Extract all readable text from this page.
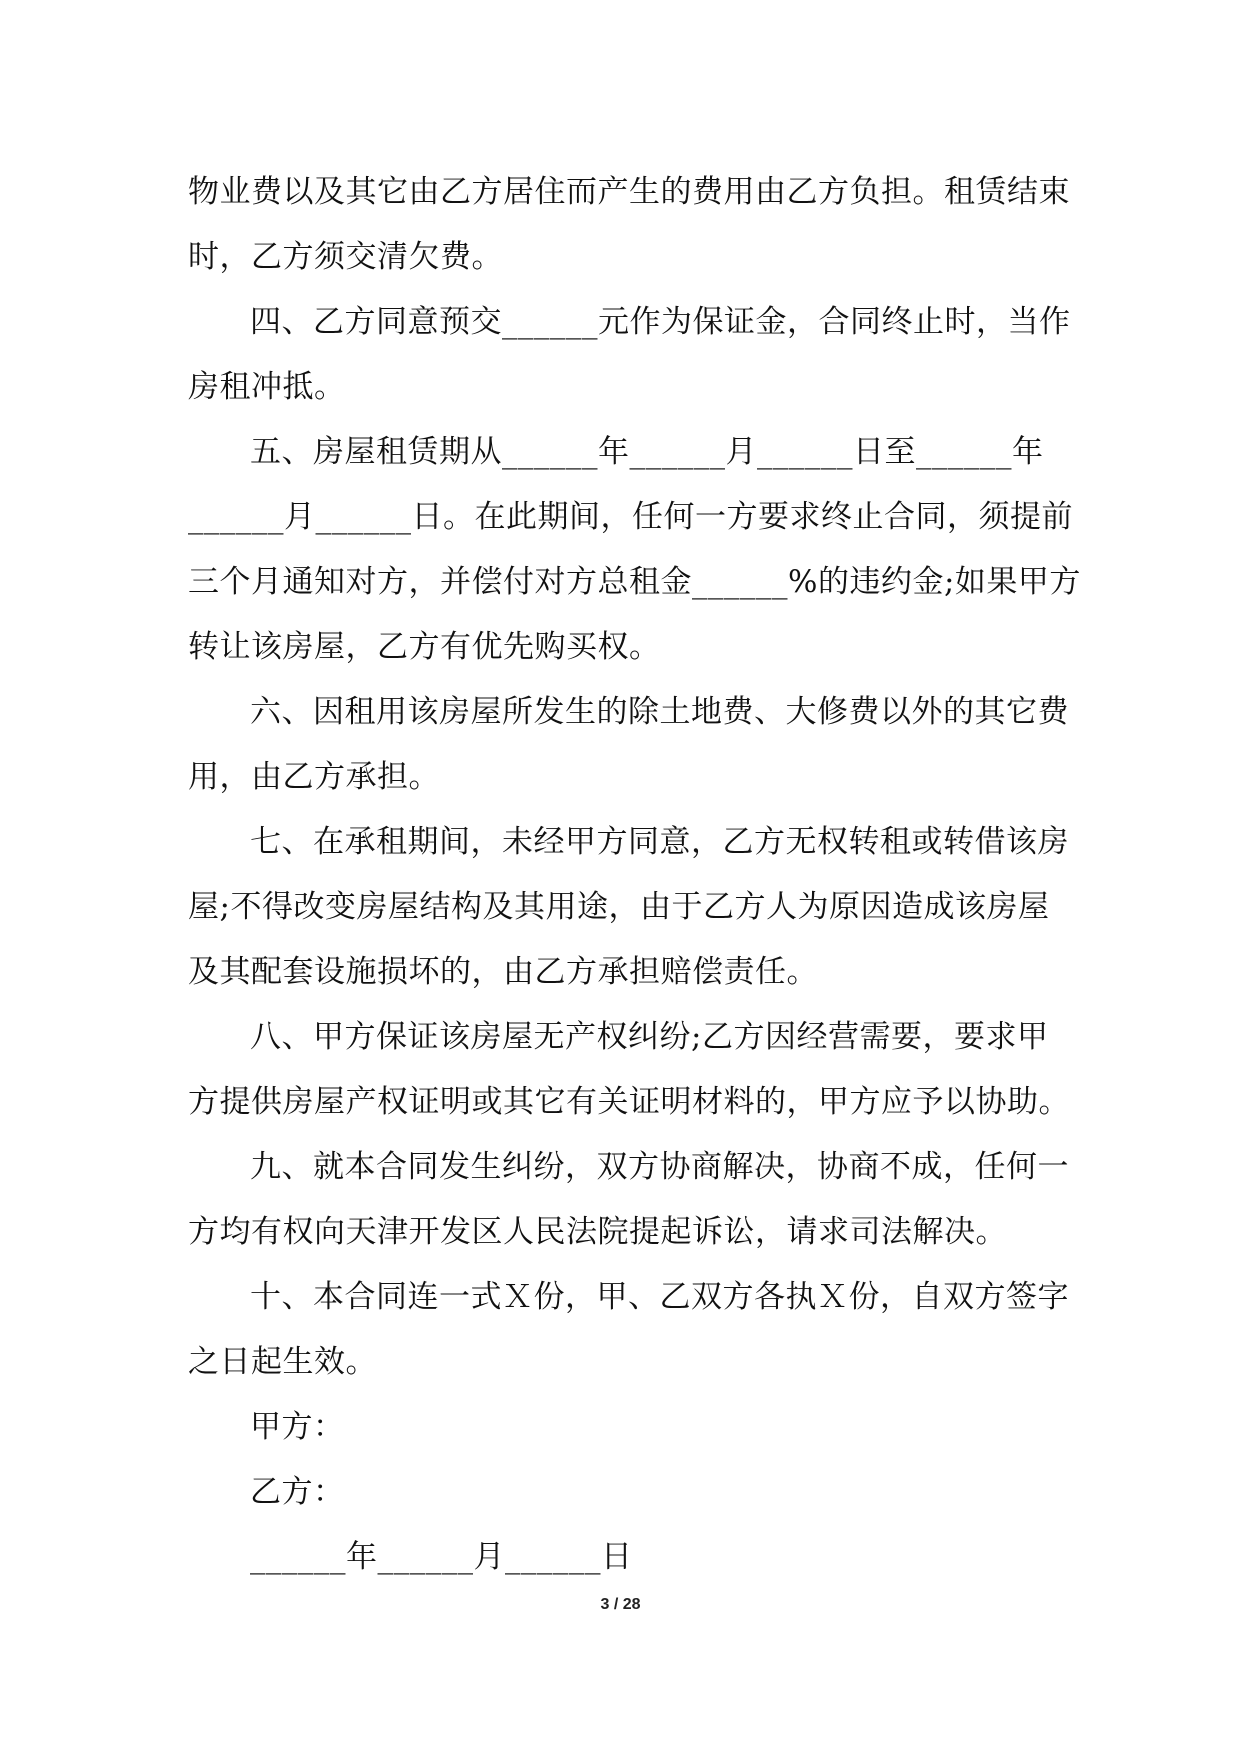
物业费以及其它由乙方居住而产生的费用由乙方负担。租赁结束
时，乙方须交清欠费。
四、乙方同意预交______元作为保证金，合同终止时，当作
房租冲抵。
五、房屋租赁期从______年______月______日至______年
______月______日。在此期间，任何一方要求终止合同，须提前
三个月通知对方，并偿付对方总租金______%的违约金;如果甲方
转让该房屋，乙方有优先购买权。
六、因租用该房屋所发生的除土地费、大修费以外的其它费
用，由乙方承担。
七、在承租期间，未经甲方同意，乙方无权转租或转借该房
屋;不得改变房屋结构及其用途，由于乙方人为原因造成该房屋
及其配套设施损坏的，由乙方承担赔偿责任。
八、甲方保证该房屋无产权纠纷;乙方因经营需要，要求甲
方提供房屋产权证明或其它有关证明材料的，甲方应予以协助。
九、就本合同发生纠纷，双方协商解决，协商不成，任何一
方均有权向天津开发区人民法院提起诉讼，请求司法解决。
十、本合同连一式Ｘ份，甲、乙双方各执Ｘ份，自双方签字
之日起生效。
甲方：
乙方：
______年______月______日
3 / 28
